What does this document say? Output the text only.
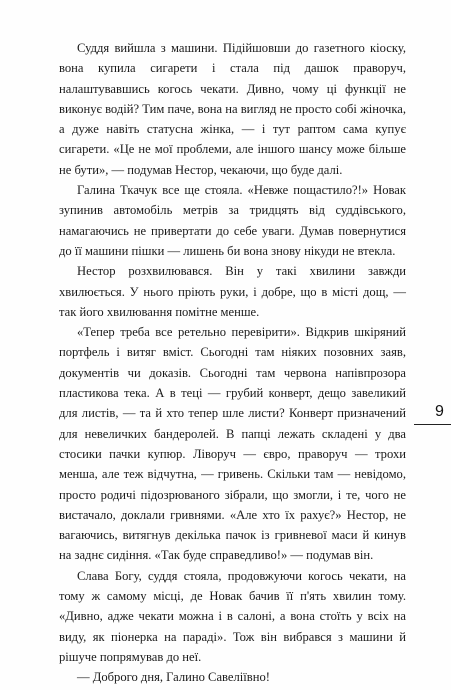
Суддя вийшла з машини. Підійшовши до газетного кіоску, вона купила сигарети і стала під дашок праворуч, налаштувавшись когось чекати. Дивно, чому ці функції не виконує водій? Тим паче, вона на вигляд не просто собі жіночка, а дуже навіть статусна жінка, — і тут раптом сама купує сигарети. «Це не мої проблеми, але іншого шансу може більше не бути», — подумав Нестор, чекаючи, що буде далі.

Галина Ткачук все ще стояла. «Невже пощастило?!» Новак зупинив автомобіль метрів за тридцять від суддівського, намагаючись не привертати до себе уваги. Думав повернутися до її машини пішки — лишень би вона знову нікуди не втекла.

Нестор розхвилювався. Він у такі хвилини завжди хвилюється. У нього пріють руки, і добре, що в місті дощ, — так його хвилювання помітне менше.

«Тепер треба все ретельно перевірити». Відкрив шкіряний портфель і витяг вміст. Сьогодні там ніяких позовних заяв, документів чи доказів. Сьогодні там червона напівпрозора пластикова тека. А в теці — грубий конверт, дещо завеликий для листів, — та й хто тепер шле листи? Конверт призначений для невеличких бандеролей. В папці лежать складені у два стосики пачки купюр. Ліворуч — євро, праворуч — трохи менша, але теж відчутна, — гривень. Скільки там — невідомо, просто родичі підозрюваного зібрали, що змогли, і те, чого не вистачало, доклали гривнями. «Але хто їх рахує?» Нестор, не вагаючись, витягнув декілька пачок із гривневої маси й кинув на заднє сидіння. «Так буде справедливо!» — подумав він.

Слава Богу, суддя стояла, продовжуючи когось чекати, на тому ж самому місці, де Новак бачив її п'ять хвилин тому. «Дивно, адже чекати можна і в салоні, а вона стоїть у всіх на виду, як піонерка на параді». Тож він вибрався з машини й рішуче попрямував до неї.

— Доброго дня, Галино Савеліївно!

9
